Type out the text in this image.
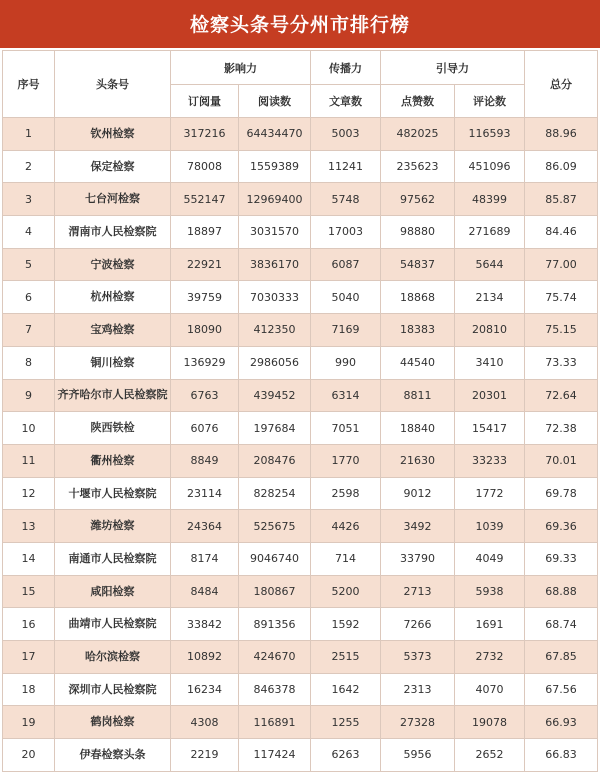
检察头条号分州市排行榜
序号	头条号	影响力		传播力	引导力		总分
		订阅量	阅读数	文章数	点赞数	评论数	
1	钦州检察	317216	64434470	5003	482025	116593	88.96
2	保定检察	78008	1559389	11241	235623	451096	86.09
3	七台河检察	552147	12969400	5748	97562	48399	85.87
4	渭南市人民检察院	18897	3031570	17003	98880	271689	84.46
5	宁波检察	22921	3836170	6087	54837	5644	77.00
6	杭州检察	39759	7030333	5040	18868	2134	75.74
7	宝鸡检察	18090	412350	7169	18383	20810	75.15
8	铜川检察	136929	2986056	990	44540	3410	73.33
9	齐齐哈尔市人民检察院	6763	439452	6314	8811	20301	72.64
10	陕西铁检	6076	197684	7051	18840	15417	72.38
11	衢州检察	8849	208476	1770	21630	33233	70.01
12	十堰市人民检察院	23114	828254	2598	9012	1772	69.78
13	潍坊检察	24364	525675	4426	3492	1039	69.36
14	南通市人民检察院	8174	9046740	714	33790	4049	69.33
15	咸阳检察	8484	180867	5200	2713	5938	68.88
16	曲靖市人民检察院	33842	891356	1592	7266	1691	68.74
17	哈尔滨检察	10892	424670	2515	5373	2732	67.85
18	深圳市人民检察院	16234	846378	1642	2313	4070	67.56
19	鹤岗检察	4308	116891	1255	27328	19078	66.93
20	伊春检察头条	2219	117424	6263	5956	2652	66.83
